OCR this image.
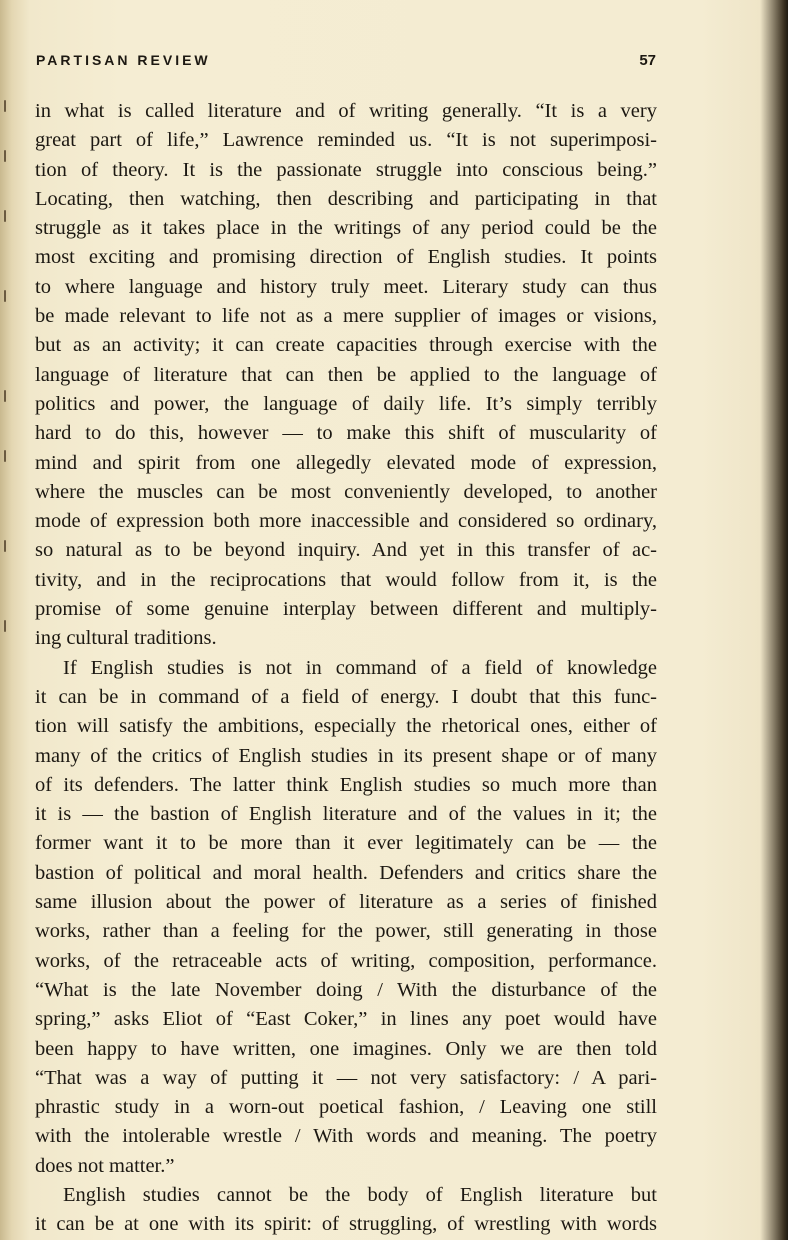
PARTISAN REVIEW	57
in what is called literature and of writing generally. “It is a very
great part of life,” Lawrence reminded us. “It is not superimposi-
tion of theory. It is the passionate struggle into conscious being.”
Locating, then watching, then describing and participating in that
struggle as it takes place in the writings of any period could be the
most exciting and promising direction of English studies. It points
to where language and history truly meet. Literary study can thus
be made relevant to life not as a mere supplier of images or visions,
but as an activity; it can create capacities through exercise with the
language of literature that can then be applied to the language of
politics and power, the language of daily life. It’s simply terribly
hard to do this, however — to make this shift of muscularity of
mind and spirit from one allegedly elevated mode of expression,
where the muscles can be most conveniently developed, to another
mode of expression both more inaccessible and considered so ordinary,
so natural as to be beyond inquiry. And yet in this transfer of ac-
tivity, and in the reciprocations that would follow from it, is the
promise of some genuine interplay between different and multiply-
ing cultural traditions.
If English studies is not in command of a field of knowledge
it can be in command of a field of energy. I doubt that this func-
tion will satisfy the ambitions, especially the rhetorical ones, either of
many of the critics of English studies in its present shape or of many
of its defenders. The latter think English studies so much more than
it is — the bastion of English literature and of the values in it; the
former want it to be more than it ever legitimately can be — the
bastion of political and moral health. Defenders and critics share the
same illusion about the power of literature as a series of finished
works, rather than a feeling for the power, still generating in those
works, of the retraceable acts of writing, composition, performance.
“What is the late November doing / With the disturbance of the
spring,” asks Eliot of “East Coker,” in lines any poet would have
been happy to have written, one imagines. Only we are then told
“That was a way of putting it — not very satisfactory: / A pari-
phrastic study in a worn-out poetical fashion, / Leaving one still
with the intolerable wrestle / With words and meaning. The poetry
does not matter.”
English studies cannot be the body of English literature but
it can be at one with its spirit: of struggling, of wrestling with words
